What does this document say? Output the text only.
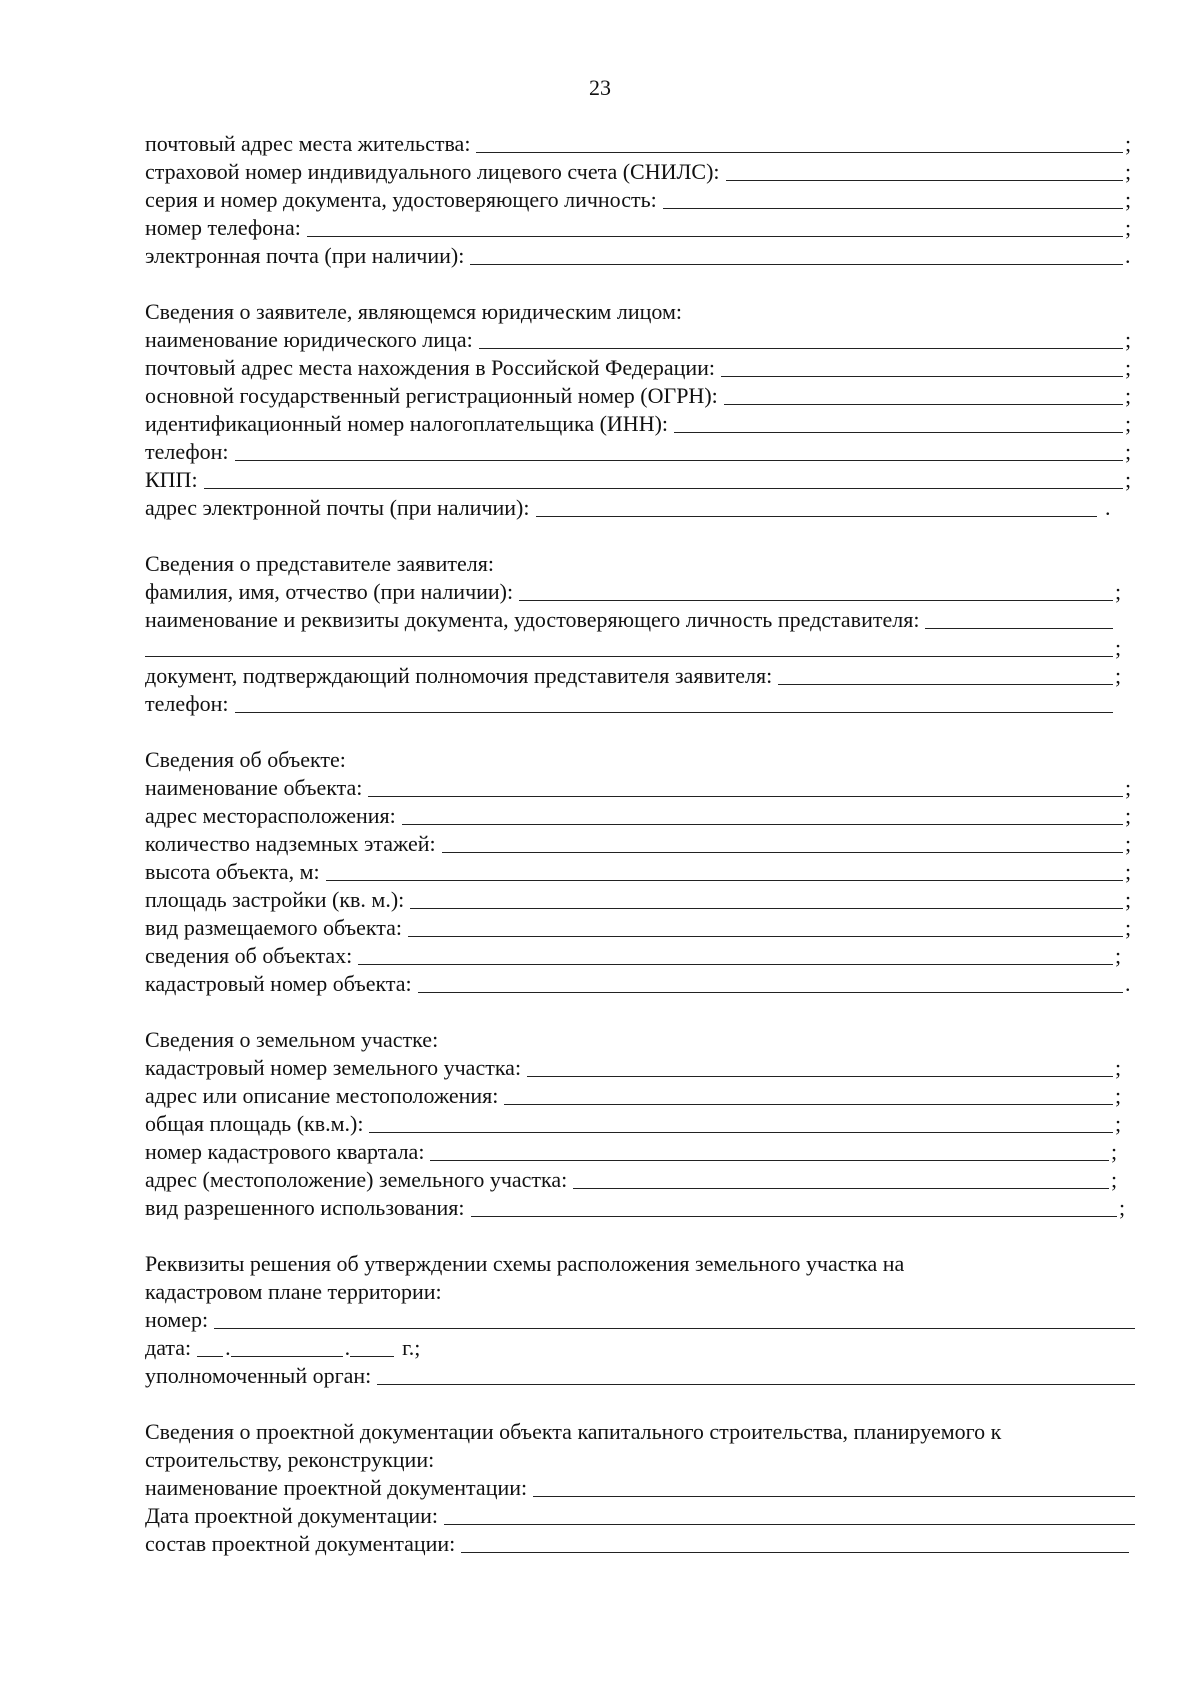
23
почтовый адрес места жительства:	;
страховой номер индивидуального лицевого счета (СНИЛС):	;
серия и номер документа, удостоверяющего личность:	;
номер телефона:	;
электронная почта (при наличии):	.
Сведения о заявителе, являющемся юридическим лицом:
наименование юридического лица:	;
почтовый адрес места нахождения в Российской Федерации:	;
основной государственный регистрационный номер (ОГРН):	;
идентификационный номер налогоплательщика (ИНН):	;
телефон:	;
КПП:	;
адрес электронной почты (при наличии):	.
Сведения о представителе заявителя:
фамилия, имя, отчество (при наличии):	;
наименование и реквизиты документа, удостоверяющего личность представителя:
;
документ, подтверждающий полномочия представителя заявителя:	;
телефон:
Сведения об объекте:
наименование объекта:	;
адрес месторасположения:	;
количество надземных этажей:	;
высота объекта, м:	;
площадь застройки (кв. м.):	;
вид размещаемого объекта:	;
сведения об объектах:	;
кадастровый номер объекта:	.
Сведения о земельном участке:
кадастровый номер земельного участка:	;
адрес или описание местоположения:	;
общая площадь (кв.м.):	;
номер кадастрового квартала:	;
адрес (местоположение) земельного участка:	;
вид разрешенного использования:	;
Реквизиты решения об утверждении схемы расположения земельного участка на
кадастровом плане территории:
номер:
дата: .	. г.;
уполномоченный орган:
Сведения о проектной документации объекта капитального строительства, планируемого к
строительству, реконструкции:
наименование проектной документации:
Дата проектной документации:
состав проектной документации:
